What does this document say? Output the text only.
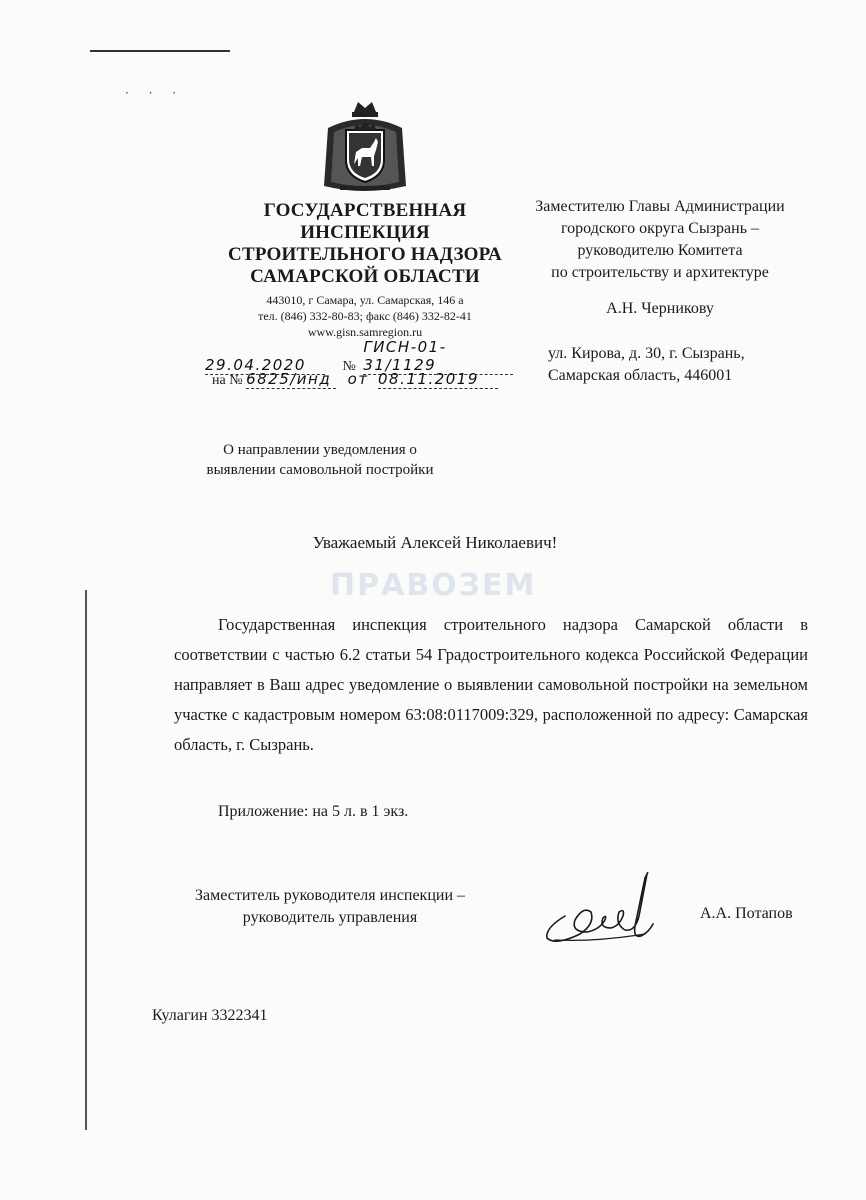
· · ·
ГОСУДАРСТВЕННАЯ
ИНСПЕКЦИЯ
СТРОИТЕЛЬНОГО НАДЗОРА
САМАРСКОЙ ОБЛАСТИ
443010, г Самара, ул. Самарская, 146 а
тел. (846) 332-80-83; факс (846) 332-82-41
www.gisn.samregion.ru
29.04.2020	№ ГИСН-01-31/1129
на № 6825/инд от 08.11.2019
Заместителю Главы Администрации
городского округа Сызрань –
руководителю Комитета
по строительству и архитектуре
А.Н. Черникову
ул. Кирова, д. 30, г. Сызрань,
Самарская область, 446001
О направлении уведомления о
выявлении самовольной постройки
Уважаемый Алексей Николаевич!
ПРАВОЗЕМ

Государственная инспекция строительного надзора Самарской области в соответствии с частью 6.2 статьи 54 Градостроительного кодекса Российской Федерации направляет в Ваш адрес уведомление о выявлении самовольной постройки на земельном участке с кадастровым номером 63:08:0117009:329, расположенной по адресу: Самарская область, г. Сызрань.

Приложение: на 5 л. в 1 экз.
Заместитель руководителя инспекции –
руководитель управления	А.А. Потапов
Кулагин 3322341
